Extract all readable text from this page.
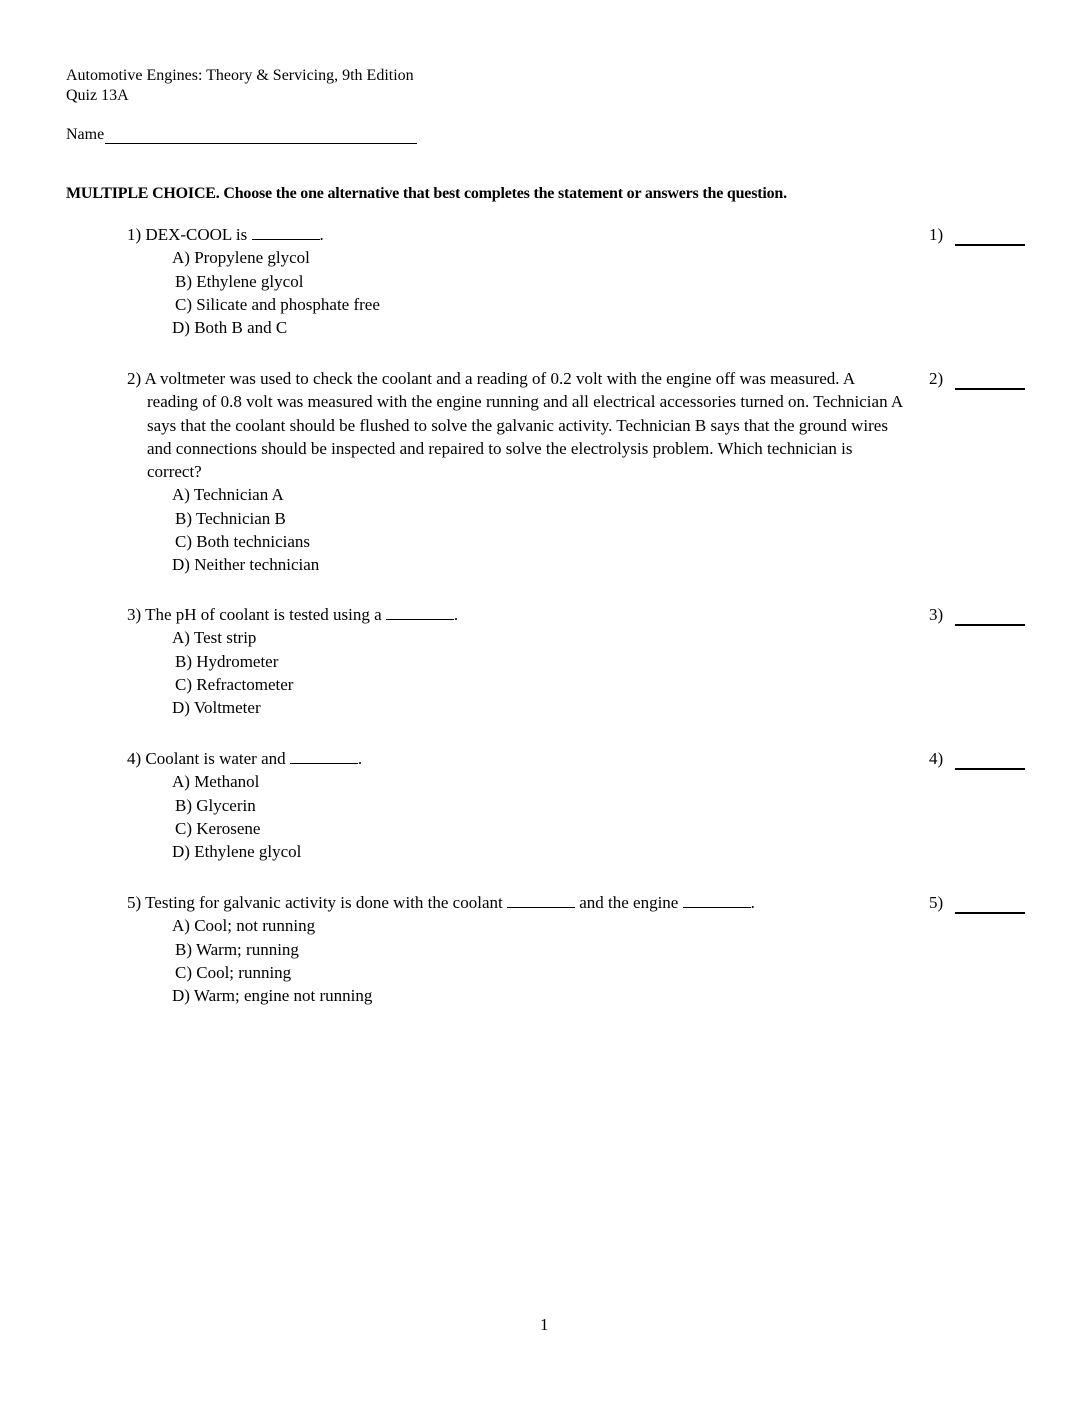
Automotive Engines: Theory & Servicing, 9th Edition
Quiz 13A
Name
MULTIPLE CHOICE. Choose the one alternative that best completes the statement or answers the question.
1) DEX-COOL is	.
A) Propylene glycol
B) Ethylene glycol
C) Silicate and phosphate free
D) Both B and C
1)
2) A voltmeter was used to check the coolant and a reading of 0.2 volt with the engine off was measured. A reading of 0.8 volt was measured with the engine running and all electrical accessories turned on. Technician A says that the coolant should be flushed to solve the galvanic activity. Technician B says that the ground wires and connections should be inspected and repaired to solve the electrolysis problem. Which technician is correct?
A) Technician A
B) Technician B
C) Both technicians
D) Neither technician
2)
3) The pH of coolant is tested using a	.
A) Test strip
B) Hydrometer
C) Refractometer
D) Voltmeter
3)
4) Coolant is water and	.
A) Methanol
B) Glycerin
C) Kerosene
D) Ethylene glycol
4)
5) Testing for galvanic activity is done with the coolant	and the engine	.
A) Cool; not running
B) Warm; running
C) Cool; running
D) Warm; engine not running
5)
1
